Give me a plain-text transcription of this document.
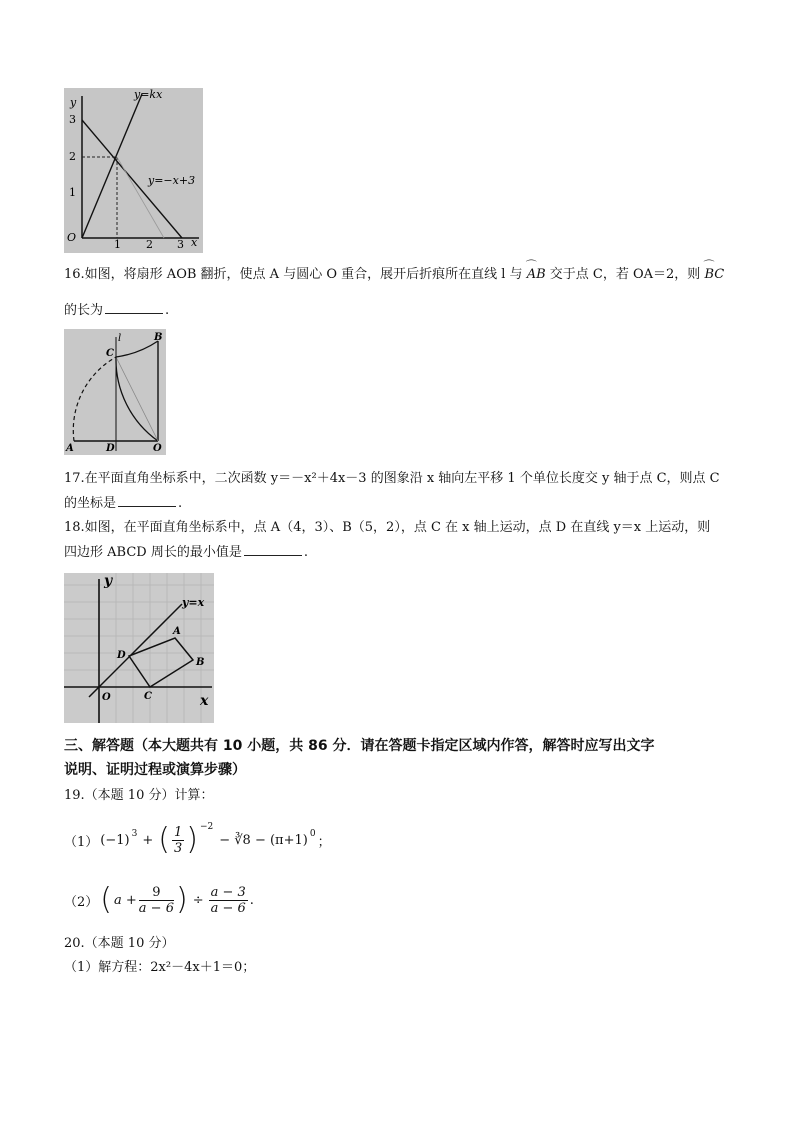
y
x
O
3
2
1
1 2 3
y=kx
y=−x+3
16.如图，将扇形 AOB 翻折，使点 A 与圆心 O 重合，展开后折痕所在直线 l 与 ⌒ AB 交于点 C，若 OA＝2，则 ⌒ BC
的长为	.
l	B
C
A	D	O
17.在平面直角坐标系中，二次函数 y＝－x²＋4x－3 的图象沿 x 轴向左平移 1 个单位长度交 y 轴于点 C，则点 C
的坐标是	.
18.如图，在平面直角坐标系中，点 A（4，3）、B（5，2），点 C 在 x 轴上运动，点 D 在直线 y＝x 上运动，则
四边形 ABCD 周长的最小值是	.
y
x
O
y=x
A
B
C
D
三、解答题（本大题共有 10 小题，共 86 分．请在答题卡指定区域内作答，解答时应写出文字
说明、证明过程或演算步骤）
19.（本题 10 分）计算：
（1） $(-1)^3$ + ( $\frac{1}{3} )^{-2}$
− ∛8 − $(\pi+1)^0$
；
（2） ( $a + \frac{9}{a - 6}$ ) ÷ $\frac{a - 3}{a - 6}$ .
20.（本题 10 分）
（1）解方程：2x²－4x＋1＝0；
